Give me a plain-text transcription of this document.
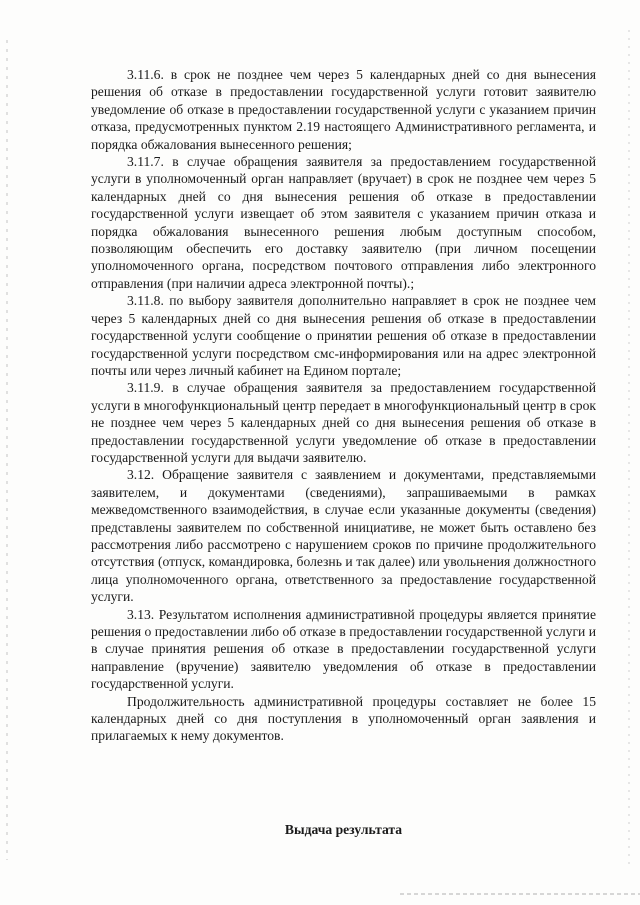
3.11.6. в срок не позднее чем через 5 календарных дней со дня вынесения решения об отказе в предоставлении государственной услуги готовит заявителю уведомление об отказе в предоставлении государственной услуги с указанием причин отказа, предусмотренных пунктом 2.19 настоящего Административного регламента, и порядка обжалования вынесенного решения;

3.11.7. в случае обращения заявителя за предоставлением государственной услуги в уполномоченный орган направляет (вручает) в срок не позднее чем через 5 календарных дней со дня вынесения решения об отказе в предоставлении государственной услуги извещает об этом заявителя с указанием причин отказа и порядка обжалования вынесенного решения любым доступным способом, позволяющим обеспечить его доставку заявителю (при личном посещении уполномоченного органа, посредством почтового отправления либо электронного отправления (при наличии адреса электронной почты).;

3.11.8. по выбору заявителя дополнительно направляет в срок не позднее чем через 5 календарных дней со дня вынесения решения об отказе в предоставлении государственной услуги сообщение о принятии решения об отказе в предоставлении государственной услуги посредством смс-информирования или на адрес электронной почты или через личный кабинет на Едином портале;

3.11.9. в случае обращения заявителя за предоставлением государственной услуги в многофункциональный центр передает в многофункциональный центр в срок не позднее чем через 5 календарных дней со дня вынесения решения об отказе в предоставлении государственной услуги уведомление об отказе в предоставлении государственной услуги для выдачи заявителю.

3.12. Обращение заявителя с заявлением и документами, представляемыми заявителем, и документами (сведениями), запрашиваемыми в рамках межведомственного взаимодействия, в случае если указанные документы (сведения) представлены заявителем по собственной инициативе, не может быть оставлено без рассмотрения либо рассмотрено с нарушением сроков по причине продолжительного отсутствия (отпуск, командировка, болезнь и так далее) или увольнения должностного лица уполномоченного органа, ответственного за предоставление государственной услуги.

3.13. Результатом исполнения административной процедуры является принятие решения о предоставлении либо об отказе в предоставлении государственной услуги и в случае принятия решения об отказе в предоставлении государственной услуги направление (вручение) заявителю уведомления об отказе в предоставлении государственной услуги.

Продолжительность административной процедуры составляет не более 15 календарных дней со дня поступления в уполномоченный орган заявления и прилагаемых к нему документов.

Выдача результата
